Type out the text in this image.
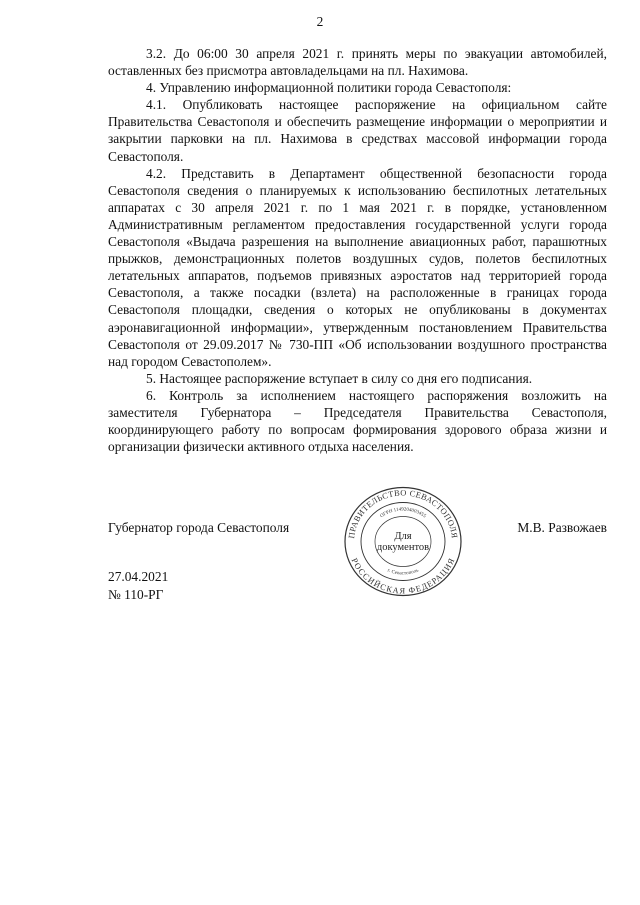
2

3.2. До 06:00 30 апреля 2021 г. принять меры по эвакуации автомобилей, оставленных без присмотра автовладельцами на пл. Нахимова.

4. Управлению информационной политики города Севастополя:

4.1. Опубликовать настоящее распоряжение на официальном сайте Правительства Севастополя и обеспечить размещение информации о мероприятии и закрытии парковки на пл. Нахимова в средствах массовой информации города Севастополя.

4.2. Представить в Департамент общественной безопасности города Севастополя сведения о планируемых к использованию беспилотных летательных аппаратах с 30 апреля 2021 г. по 1 мая 2021 г. в порядке, установленном Административным регламентом предоставления государственной услуги города Севастополя «Выдача разрешения на выполнение авиационных работ, парашютных прыжков, демонстрационных полетов воздушных судов, полетов беспилотных летательных аппаратов, подъемов привязных аэростатов над территорией города Севастополя, а также посадки (взлета) на расположенные в границах города Севастополя площадки, сведения о которых не опубликованы в документах аэронавигационной информации», утвержденным постановлением Правительства Севастополя от 29.09.2017 № 730-ПП «Об использовании воздушного пространства над городом Севастополем».

5. Настоящее распоряжение вступает в силу со дня его подписания.

6. Контроль за исполнением настоящего распоряжения возложить на заместителя Губернатора – Председателя Правительства Севастополя, координирующего работу по вопросам формирования здорового образа жизни и организации физически активного отдыха населения.

Губернатор города Севастополя	М.В. Развожаев
ПРАВИТЕЛЬСТВО СЕВАСТОПОЛЯ
РОССИЙСКАЯ ФЕДЕРАЦИЯ
ОГРН 1149204003455
г. Севастополь
Для
документов
27.04.2021
№ 110-РГ
